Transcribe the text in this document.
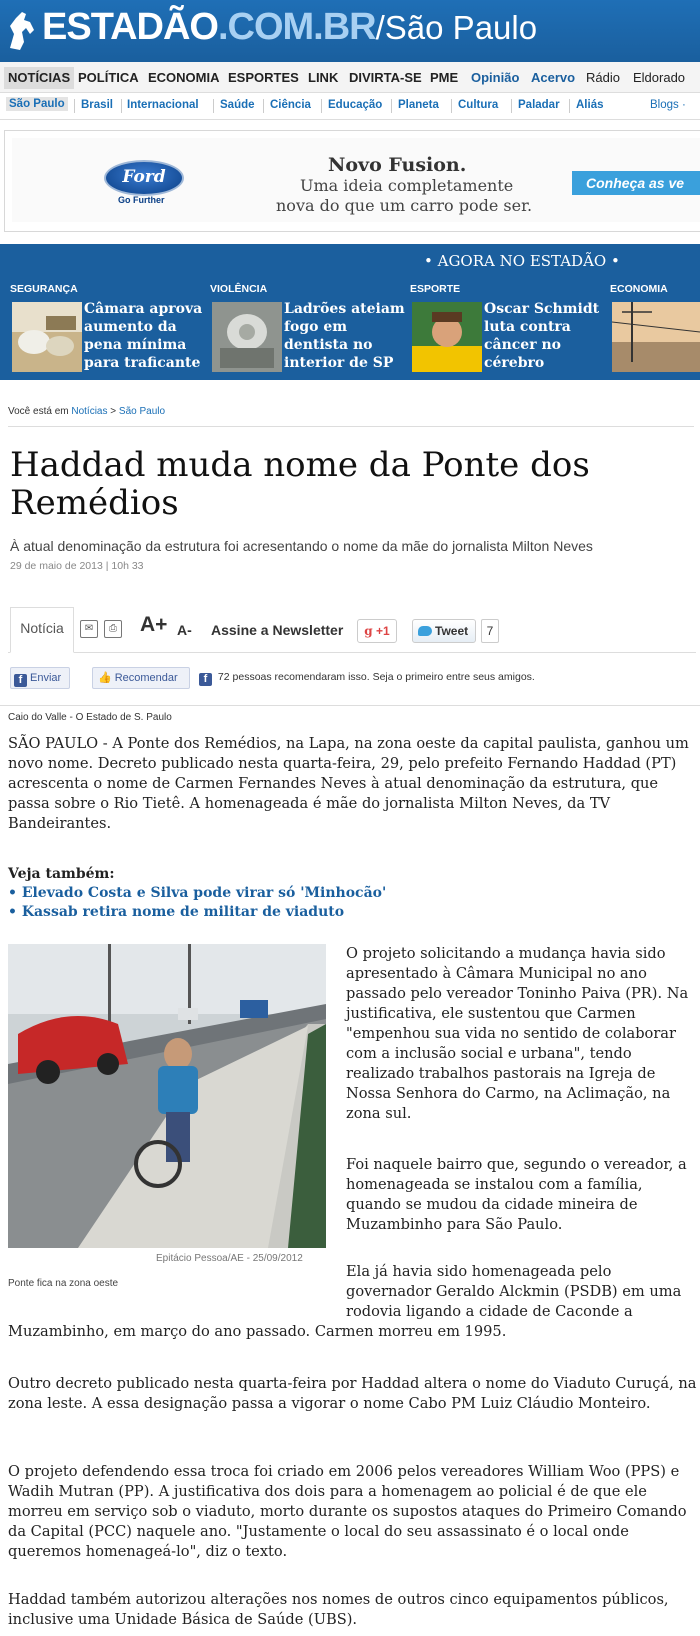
ESTADÃO.COM.BR/São Paulo
NOTÍCIAS POLÍTICA ECONOMIA ESPORTES LINK DIVIRTA-SE PME Opinião Acervo Rádio Eldorado
São Paulo Brasil Internacional Saúde Ciência Educação Planeta Cultura Paladar Aliás	Blogs ·
Ford
Go Further
Novo Fusion.
Uma ideia completamente
nova do que um carro pode ser.
Conheça as ve
• AGORA NO ESTADÃO •
SEGURANÇA
Câmara aprova aumento da pena mínima para traficante
VIOLÊNCIA
Ladrões ateiam fogo em dentista no interior de SP
ESPORTE
Oscar Schmidt luta contra câncer no cérebro
ECONOMIA
Você está em Notícias > São Paulo
Haddad muda nome da Ponte dos Remédios
À atual denominação da estrutura foi acresentando o nome da mãe do jornalista Milton Neves
29 de maio de 2013 | 10h 33
Notícia	✉	⎙ A+ A- Assine a Newsletter	g +1	Tweet	7
f Enviar	👍 Recomendar	f 72 pessoas recomendaram isso. Seja o primeiro entre seus amigos.
Caio do Valle - O Estado de S. Paulo
SÃO PAULO - A Ponte dos Remédios, na Lapa, na zona oeste da capital paulista, ganhou um novo nome. Decreto publicado nesta quarta-feira, 29, pelo prefeito Fernando Haddad (PT) acrescenta o nome de Carmen Fernandes Neves à atual denominação da estrutura, que passa sobre o Rio Tietê. A homenageada é mãe do jornalista Milton Neves, da TV Bandeirantes.
Veja também:
• Elevado Costa e Silva pode virar só 'Minhocão'
• Kassab retira nome de militar de viaduto
Epitácio Pessoa/AE - 25/09/2012
Ponte fica na zona oeste
O projeto solicitando a mudança havia sido apresentado à Câmara Municipal no ano passado pelo vereador Toninho Paiva (PR). Na justificativa, ele sustentou que Carmen "empenhou sua vida no sentido de colaborar com a inclusão social e urbana", tendo realizado trabalhos pastorais na Igreja de Nossa Senhora do Carmo, na Aclimação, na zona sul.
Foi naquele bairro que, segundo o vereador, a homenageada se instalou com a família, quando se mudou da cidade mineira de Muzambinho para São Paulo.
Ela já havia sido homenageada pelo governador Geraldo Alckmin (PSDB) em uma rodovia ligando a cidade de Caconde a
Muzambinho, em março do ano passado. Carmen morreu em 1995.
Outro decreto publicado nesta quarta-feira por Haddad altera o nome do Viaduto Curuçá, na zona leste. A essa designação passa a vigorar o nome Cabo PM Luiz Cláudio Monteiro.
O projeto defendendo essa troca foi criado em 2006 pelos vereadores William Woo (PPS) e Wadih Mutran (PP). A justificativa dos dois para a homenagem ao policial é de que ele morreu em serviço sob o viaduto, morto durante os supostos ataques do Primeiro Comando da Capital (PCC) naquele ano. "Justamente o local do seu assassinato é o local onde queremos homenageá-lo", diz o texto.
Haddad também autorizou alterações nos nomes de outros cinco equipamentos públicos, inclusive uma Unidade Básica de Saúde (UBS).
